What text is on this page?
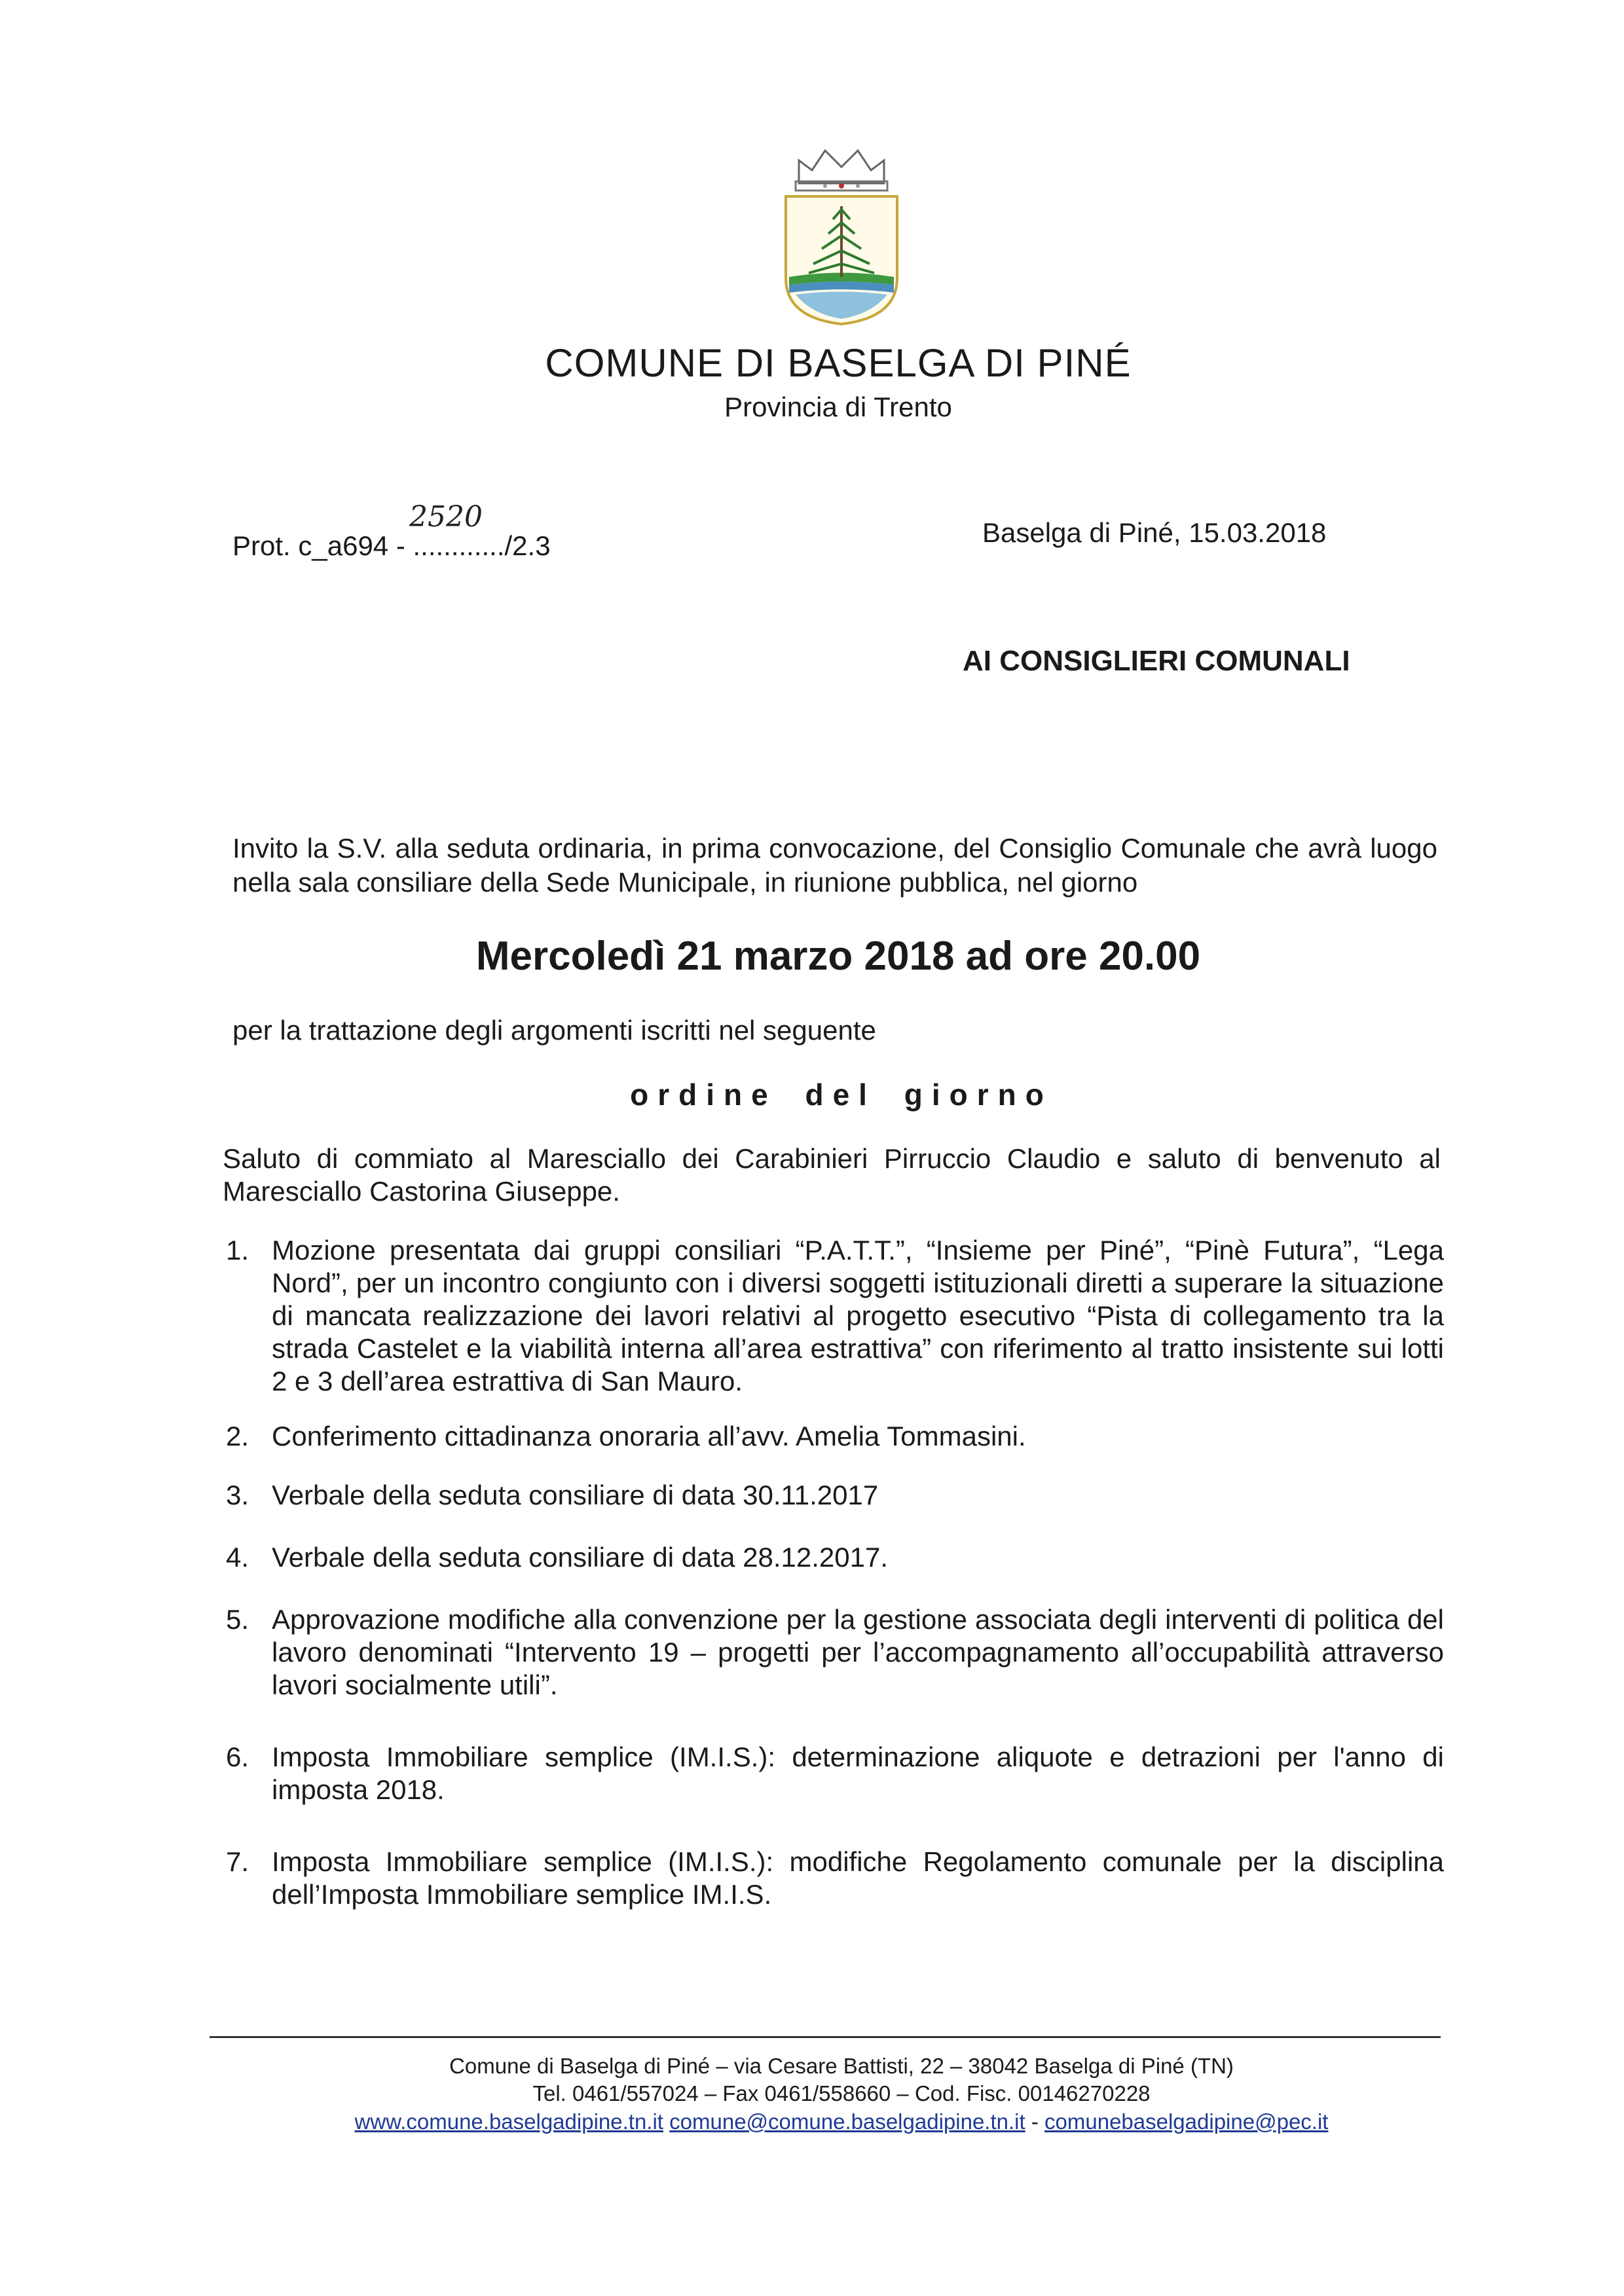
COMUNE DI BASELGA DI PINÉ
Provincia di Trento
Prot. c_a694 - ............/2.3
2520	Baselga di Piné, 15.03.2018
AI CONSIGLIERI COMUNALI
Invito la S.V. alla seduta ordinaria, in prima convocazione, del Consiglio Comunale che avrà luogo nella sala consiliare della Sede Municipale, in riunione pubblica, nel giorno
Mercoledì 21 marzo 2018 ad ore 20.00
per la trattazione degli argomenti iscritti nel seguente
ordine del giorno
Saluto di commiato al Maresciallo dei Carabinieri Pirruccio Claudio e saluto di benvenuto al Maresciallo Castorina Giuseppe.
1. Mozione presentata dai gruppi consiliari “P.A.T.T.”, “Insieme per Piné”, “Pinè Futura”, “Lega Nord”, per un incontro congiunto con i diversi soggetti istituzionali diretti a superare la situazione di mancata realizzazione dei lavori relativi al progetto esecutivo “Pista di collegamento tra la strada Castelet e la viabilità interna all’area estrattiva” con riferimento al tratto insistente sui lotti 2 e 3 dell’area estrattiva di San Mauro.
2. Conferimento cittadinanza onoraria all’avv. Amelia Tommasini.
3. Verbale della seduta consiliare di data 30.11.2017
4. Verbale della seduta consiliare di data 28.12.2017.
5. Approvazione modifiche alla convenzione per la gestione associata degli interventi di politica del lavoro denominati “Intervento 19 – progetti per l’accompagnamento all’occupabilità attraverso lavori socialmente utili”.
6. Imposta Immobiliare semplice (IM.I.S.): determinazione aliquote e detrazioni per l'anno di imposta 2018.
7. Imposta Immobiliare semplice (IM.I.S.): modifiche Regolamento comunale per la disciplina dell’Imposta Immobiliare semplice IM.I.S.
Comune di Baselga di Piné – via Cesare Battisti, 22 – 38042 Baselga di Piné (TN)
Tel. 0461/557024 – Fax 0461/558660 – Cod. Fisc. 00146270228
www.comune.baselgadipine.tn.it comune@comune.baselgadipine.tn.it - comunebaselgadipine@pec.it
